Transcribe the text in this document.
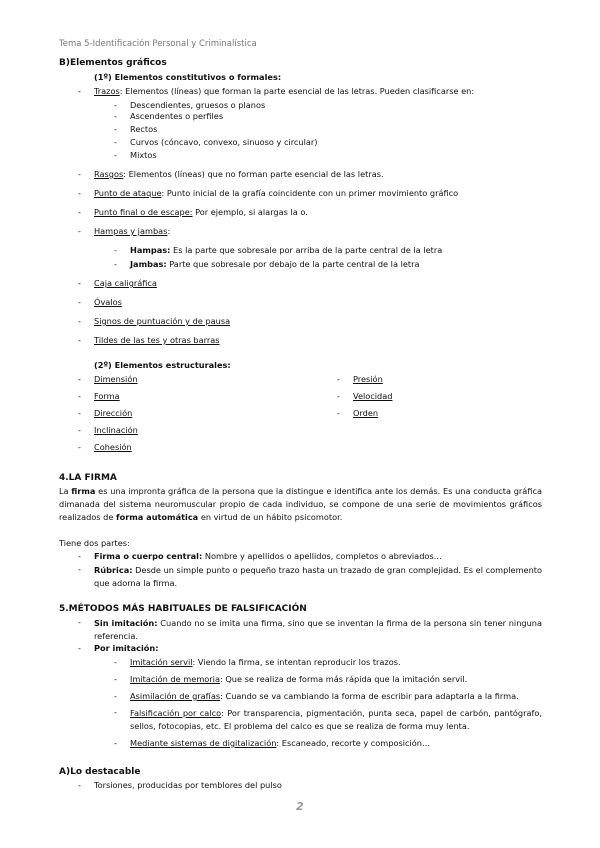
Tema 5-Identificación Personal y Criminalística
B)Elementos gráficos
(1º) Elementos constitutivos o formales:
- Trazos: Elementos (líneas) que forman la parte esencial de las letras. Pueden clasificarse en:
- Descendientes, gruesos o planos
- Ascendentes o perfiles
- Rectos
- Curvos (cóncavo, convexo, sinuoso y circular)
- Mixtos
- Rasgos: Elementos (líneas) que no forman parte esencial de las letras.
- Punto de ataque: Punto inicial de la grafía coincidente con un primer movimiento gráfico
- Punto final o de escape: Por ejemplo, si alargas la o.
- Hampas y jambas:
- Hampas: Es la parte que sobresale por arriba de la parte central de la letra
- Jambas: Parte que sobresale por debajo de la parte central de la letra
- Caja caligráfica
- Óvalos
- Signos de puntuación y de pausa
- Tildes de las tes y otras barras
(2º) Elementos estructurales:
- Dimensión
- Forma
- Dirección
- Inclinación
- Cohesión
- Presión
- Velocidad
- Orden
4.LA FIRMA
La firma es una impronta gráfica de la persona que la distingue e identifica ante los demás. Es una conducta gráfica dimanada del sistema neuromuscular propio de cada individuo, se compone de una serie de movimientos gráficos realizados de forma automática en virtud de un hábito psicomotor.
Tiene dos partes:
- Firma o cuerpo central: Nombre y apellidos o apellidos, completos o abreviados…
- Rúbrica: Desde un simple punto o pequeño trazo hasta un trazado de gran complejidad. Es el complemento que adorna la firma.
5.MÉTODOS MÁS HABITUALES DE FALSIFICACIÓN
- Sin imitación: Cuando no se imita una firma, sino que se inventan la firma de la persona sin tener ninguna referencia.
- Por imitación:
- Imitación servil: Viendo la firma, se intentan reproducir los trazos.
- Imitación de memoria: Que se realiza de forma más rápida que la imitación servil.
- Asimilación de grafías: Cuando se va cambiando la forma de escribir para adaptarla a la firma.
- Falsificación por calco: Por transparencia, pigmentación, punta seca, papel de carbón, pantógrafo, sellos, fotocopias, etc. El problema del calco es que se realiza de forma muy lenta.
- Mediante sistemas de digitalización: Escaneado, recorte y composición…
A)Lo destacable
- Torsiones, producidas por temblores del pulso
2
